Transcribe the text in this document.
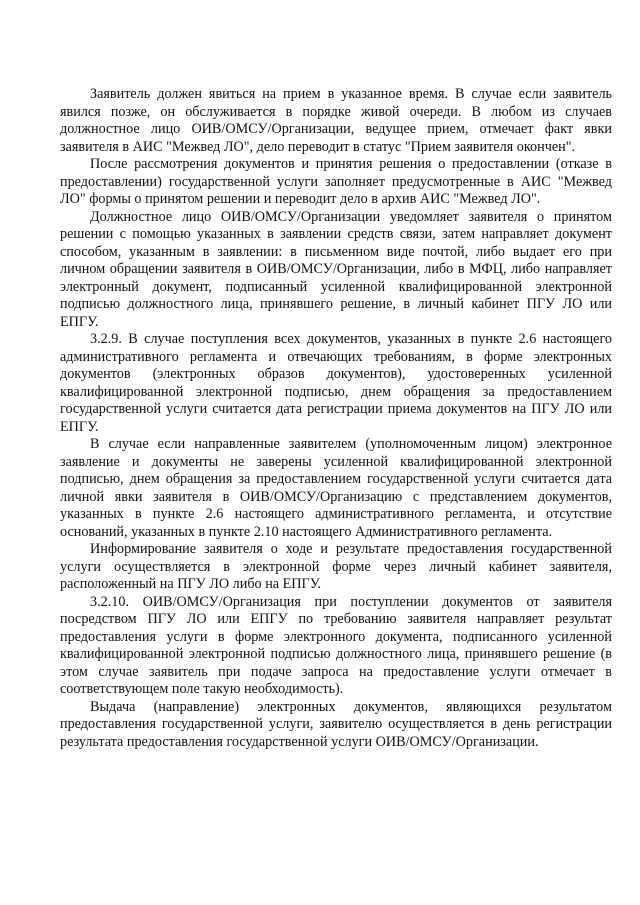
Заявитель должен явиться на прием в указанное время. В случае если заявитель явился позже, он обслуживается в порядке живой очереди. В любом из случаев должностное лицо ОИВ/ОМСУ/Организации, ведущее прием, отмечает факт явки заявителя в АИС "Межвед ЛО", дело переводит в статус "Прием заявителя окончен".

После рассмотрения документов и принятия решения о предоставлении (отказе в предоставлении) государственной услуги заполняет предусмотренные в АИС "Межвед ЛО" формы о принятом решении и переводит дело в архив АИС "Межвед ЛО".

Должностное лицо ОИВ/ОМСУ/Организации уведомляет заявителя о принятом решении с помощью указанных в заявлении средств связи, затем направляет документ способом, указанным в заявлении: в письменном виде почтой, либо выдает его при личном обращении заявителя в ОИВ/ОМСУ/Организации, либо в МФЦ, либо направляет электронный документ, подписанный усиленной квалифицированной электронной подписью должностного лица, принявшего решение, в личный кабинет ПГУ ЛО или ЕПГУ.

3.2.9. В случае поступления всех документов, указанных в пункте 2.6 настоящего административного регламента и отвечающих требованиям, в форме электронных документов (электронных образов документов), удостоверенных усиленной квалифицированной электронной подписью, днем обращения за предоставлением государственной услуги считается дата регистрации приема документов на ПГУ ЛО или ЕПГУ.

В случае если направленные заявителем (уполномоченным лицом) электронное заявление и документы не заверены усиленной квалифицированной электронной подписью, днем обращения за предоставлением государственной услуги считается дата личной явки заявителя в ОИВ/ОМСУ/Организацию с представлением документов, указанных в пункте 2.6 настоящего административного регламента, и отсутствие оснований, указанных в пункте 2.10 настоящего Административного регламента.

Информирование заявителя о ходе и результате предоставления государственной услуги осуществляется в электронной форме через личный кабинет заявителя, расположенный на ПГУ ЛО либо на ЕПГУ.

3.2.10. ОИВ/ОМСУ/Организация при поступлении документов от заявителя посредством ПГУ ЛО или ЕПГУ по требованию заявителя направляет результат предоставления услуги в форме электронного документа, подписанного усиленной квалифицированной электронной подписью должностного лица, принявшего решение (в этом случае заявитель при подаче запроса на предоставление услуги отмечает в соответствующем поле такую необходимость).

Выдача (направление) электронных документов, являющихся результатом предоставления государственной услуги, заявителю осуществляется в день регистрации результата предоставления государственной услуги ОИВ/ОМСУ/Организации.
